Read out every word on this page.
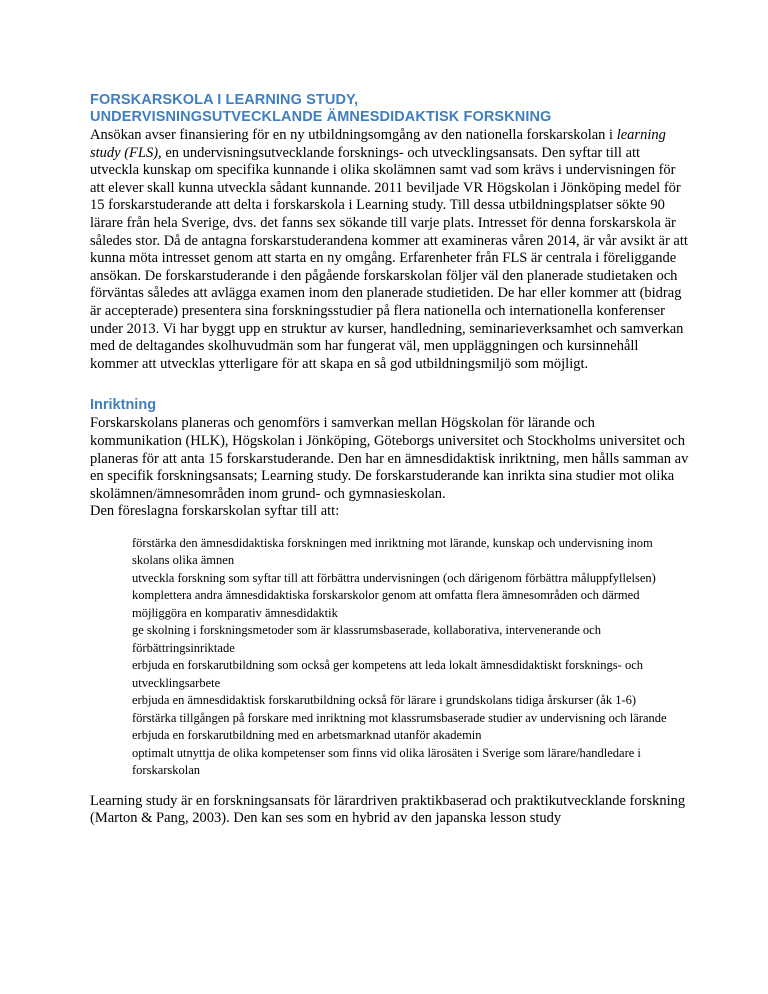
FORSKARSKOLA I LEARNING STUDY,
UNDERVISNINGSUTVECKLANDE ÄMNESDIDAKTISK FORSKNING

Ansökan avser finansiering för en ny utbildningsomgång av den nationella forskarskolan i learning study (FLS), en undervisningsutvecklande forsknings- och utvecklingsansats. Den syftar till att utveckla kunskap om specifika kunnande i olika skolämnen samt vad som krävs i undervisningen för att elever skall kunna utveckla sådant kunnande. 2011 beviljade VR Högskolan i Jönköping medel för 15 forskarstuderande att delta i forskarskola i Learning study. Till dessa utbildningsplatser sökte 90 lärare från hela Sverige, dvs. det fanns sex sökande till varje plats. Intresset för denna forskarskola är således stor. Då de antagna forskarstuderandena kommer att examineras våren 2014, är vår avsikt är att kunna möta intresset genom att starta en ny omgång. Erfarenheter från FLS är centrala i föreliggande ansökan. De forskarstuderande i den pågående forskarskolan följer väl den planerade studietaken och förväntas således att avlägga examen inom den planerade studietiden. De har eller kommer att (bidrag är accepterade) presentera sina forskningsstudier på flera nationella och internationella konferenser under 2013. Vi har byggt upp en struktur av kurser, handledning, seminarieverksamhet och samverkan med de deltagandes skolhuvudmän som har fungerat väl, men uppläggningen och kursinnehåll kommer att utvecklas ytterligare för att skapa en så god utbildningsmiljö som möjligt.

Inriktning

Forskarskolans planeras och genomförs i samverkan mellan Högskolan för lärande och kommunikation (HLK), Högskolan i Jönköping, Göteborgs universitet och Stockholms universitet och planeras för att anta 15 forskarstuderande. Den har en ämnesdidaktisk inriktning, men hålls samman av en specifik forskningsansats; Learning study. De forskarstuderande kan inrikta sina studier mot olika skolämnen/ämnesområden inom grund- och gymnasieskolan.

Den föreslagna forskarskolan syftar till att:

förstärka den ämnesdidaktiska forskningen med inriktning mot lärande, kunskap och undervisning inom skolans olika ämnen
utveckla forskning som syftar till att förbättra undervisningen (och därigenom förbättra måluppfyllelsen)
komplettera andra ämnesdidaktiska forskarskolor genom att omfatta flera ämnesområden och därmed möjliggöra en komparativ ämnesdidaktik
ge skolning i forskningsmetoder som är klassrumsbaserade, kollaborativa, intervenerande och förbättringsinriktade
erbjuda en forskarutbildning som också ger kompetens att leda lokalt ämnesdidaktiskt forsknings- och utvecklingsarbete
erbjuda en ämnesdidaktisk forskarutbildning också för lärare i grundskolans tidiga årskurser (åk 1-6)
förstärka tillgången på forskare med inriktning mot klassrumsbaserade studier av undervisning och lärande
erbjuda en forskarutbildning med en arbetsmarknad utanför akademin
optimalt utnyttja de olika kompetenser som finns vid olika lärosäten i Sverige som lärare/handledare i forskarskolan

Learning study är en forskningsansats för lärardriven praktikbaserad och praktikutvecklande forskning (Marton & Pang, 2003). Den kan ses som en hybrid av den japanska lesson study
